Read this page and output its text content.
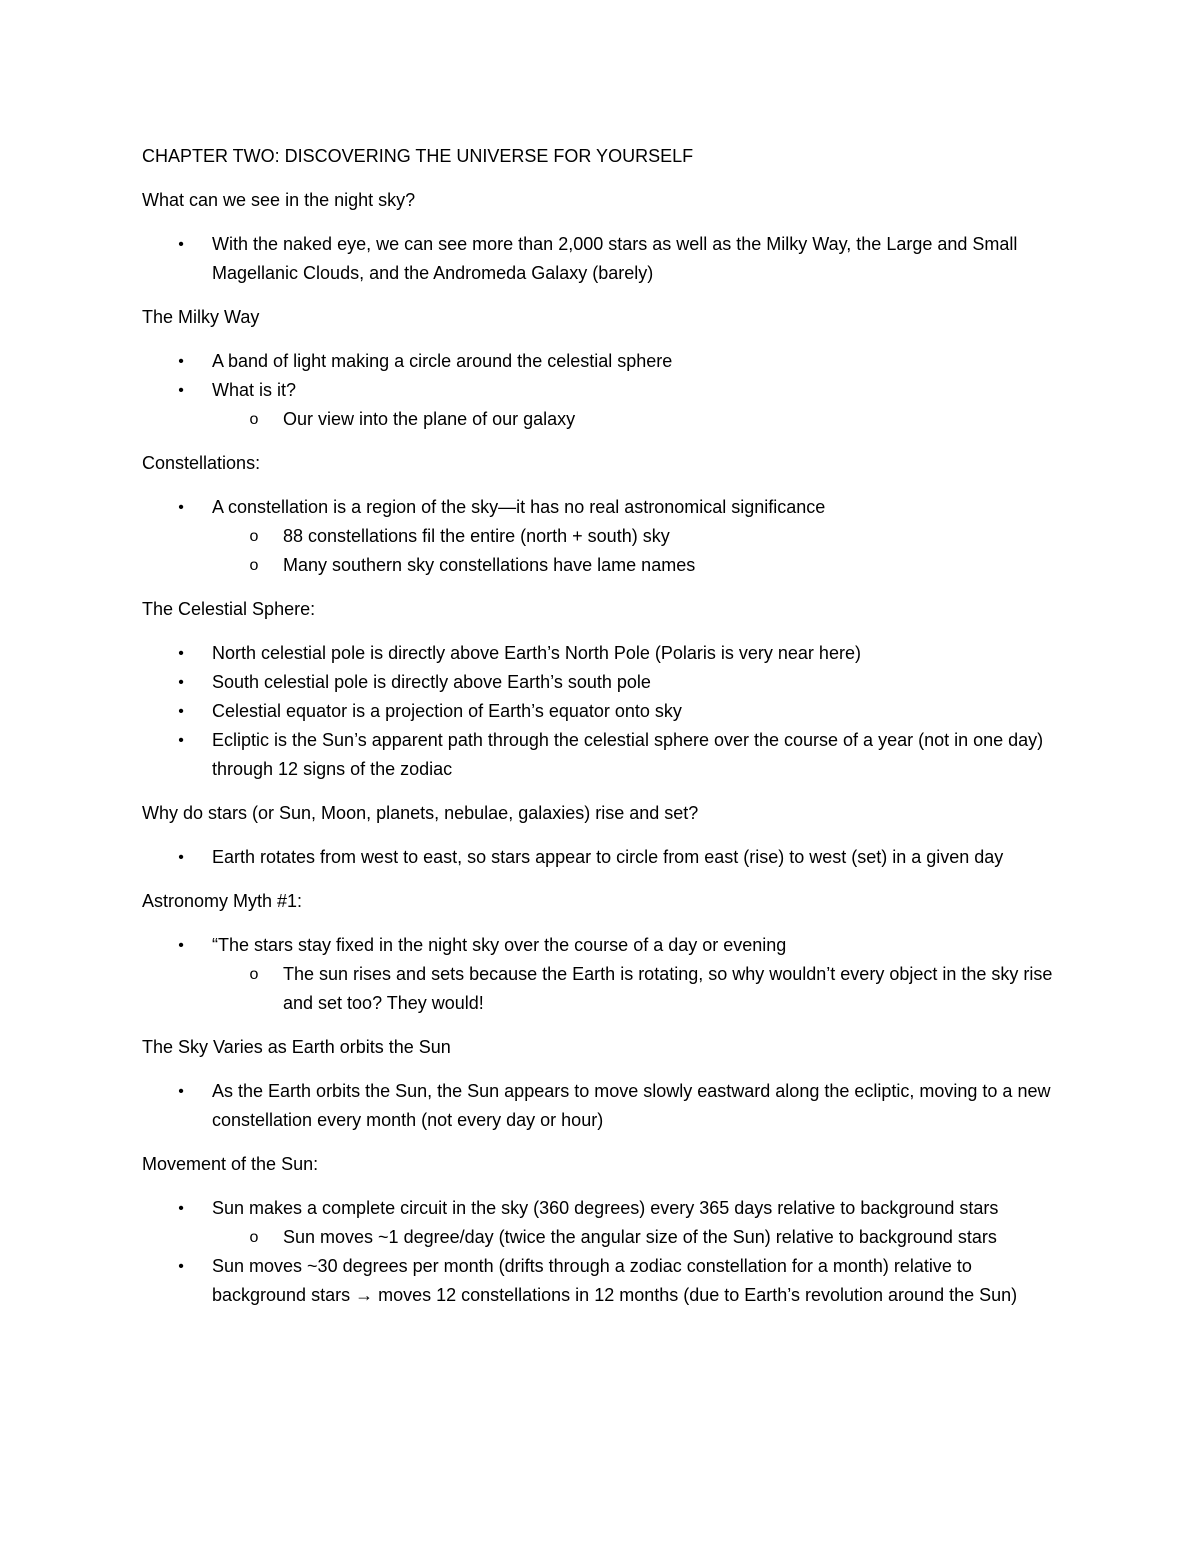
CHAPTER TWO: DISCOVERING THE UNIVERSE FOR YOURSELF

What can we see in the night sky?

• With the naked eye, we can see more than 2,000 stars as well as the Milky Way, the Large and Small Magellanic Clouds, and the Andromeda Galaxy (barely)

The Milky Way

• A band of light making a circle around the celestial sphere
• What is it?
o Our view into the plane of our galaxy

Constellations:

• A constellation is a region of the sky—it has no real astronomical significance
o 88 constellations fil the entire (north + south) sky
o Many southern sky constellations have lame names

The Celestial Sphere:

• North celestial pole is directly above Earth’s North Pole (Polaris is very near here)
• South celestial pole is directly above Earth’s south pole
• Celestial equator is a projection of Earth’s equator onto sky
• Ecliptic is the Sun’s apparent path through the celestial sphere over the course of a year (not in one day) through 12 signs of the zodiac

Why do stars (or Sun, Moon, planets, nebulae, galaxies) rise and set?

• Earth rotates from west to east, so stars appear to circle from east (rise) to west (set) in a given day

Astronomy Myth #1:

• “The stars stay fixed in the night sky over the course of a day or evening
o The sun rises and sets because the Earth is rotating, so why wouldn’t every object in the sky rise and set too? They would!

The Sky Varies as Earth orbits the Sun

• As the Earth orbits the Sun, the Sun appears to move slowly eastward along the ecliptic, moving to a new constellation every month (not every day or hour)

Movement of the Sun:

• Sun makes a complete circuit in the sky (360 degrees) every 365 days relative to background stars
o Sun moves ~1 degree/day (twice the angular size of the Sun) relative to background stars
• Sun moves ~30 degrees per month (drifts through a zodiac constellation for a month) relative to background stars → moves 12 constellations in 12 months (due to Earth’s revolution around the Sun)
